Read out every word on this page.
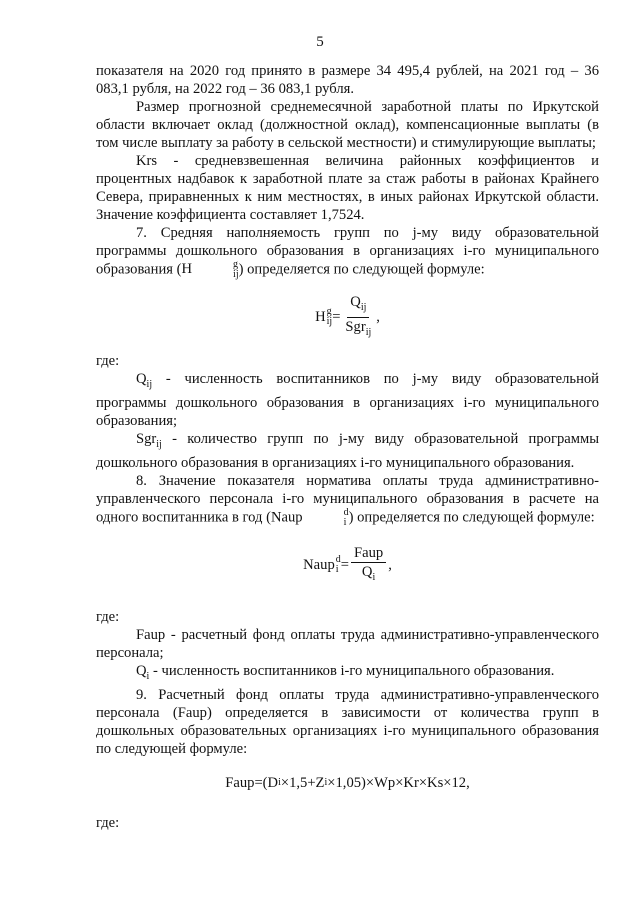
5

показателя на 2020 год принято в размере 34 495,4 рублей, на 2021 год – 36 083,1 рубля, на 2022 год – 36 083,1 рубля.

Размер прогнозной среднемесячной заработной платы по Иркутской области включает оклад (должностной оклад), компенсационные выплаты (в том числе выплату за работу в сельской местности) и стимулирующие выплаты;

Krs - средневзвешенная величина районных коэффициентов и процентных надбавок к заработной плате за стаж работы в районах Крайнего Севера, приравненных к ним местностях, в иных районах Иркутской области. Значение коэффициента составляет 1,7524.

7. Средняя наполняемость групп по j-му виду образовательной программы дошкольного образования в организациях i-го муниципального образования (H	g
ij ) определяется по следующей формуле:

H g
ij = $\frac{Q_{ij}}{Sgr_{ij}}$ ,

где:

$Q_{ij}$ - численность воспитанников по j-му виду образовательной программы дошкольного образования в организациях i-го муниципального образования;

Sgr$_{ij}$ - количество групп по j-му виду образовательной программы дошкольного образования в организациях i-го муниципального образования.

8. Значение показателя норматива оплаты труда административно-управленческого персонала i-го муниципального образования в расчете на одного воспитанника в год (Naup	d
i ) определяется по следующей формуле:

Naup d
$i = \frac{\text{Faup}}{Q_i}$ ,

где:

Faup - расчетный фонд оплаты труда административно-управленческого персонала;

$Q_i$ - численность воспитанников i-го муниципального образования.

9. Расчетный фонд оплаты труда административно-управленческого персонала (Faup) определяется в зависимости от количества групп в дошкольных образовательных организациях i-го муниципального образования по следующей формуле:

Faup=(D i ×1,5+Z i ×1,05)×Wp×Kr×Ks×12,

где:
